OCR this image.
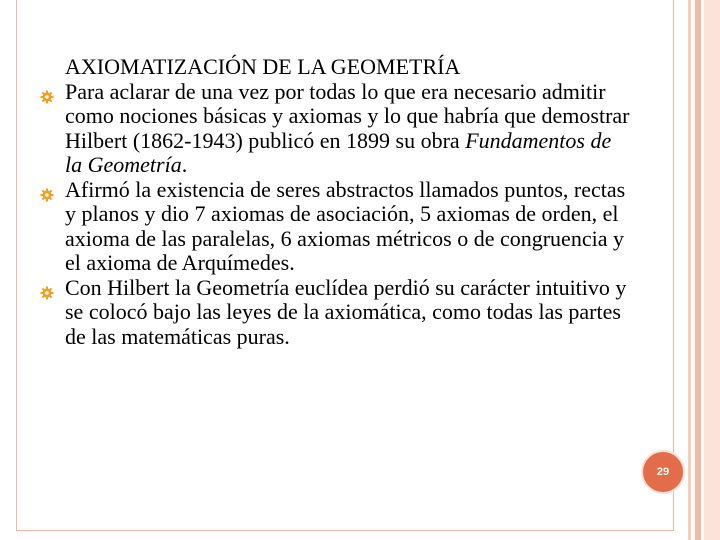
AXIOMATIZACIÓN DE LA GEOMETRÍA
Para aclarar de una vez por todas lo que era necesario admitir como nociones básicas y axiomas y lo que habría que demostrar Hilbert (1862-1943) publicó en 1899 su obra Fundamentos de la Geometría.
Afirmó la existencia de seres abstractos llamados puntos, rectas y planos y dio 7 axiomas de asociación, 5 axiomas de orden, el axioma de las paralelas, 6 axiomas métricos o de congruencia y el axioma de Arquímedes.
Con Hilbert la Geometría euclídea perdió su carácter intuitivo y se colocó bajo las leyes de la axiomática, como todas las partes de las matemáticas puras.
29
